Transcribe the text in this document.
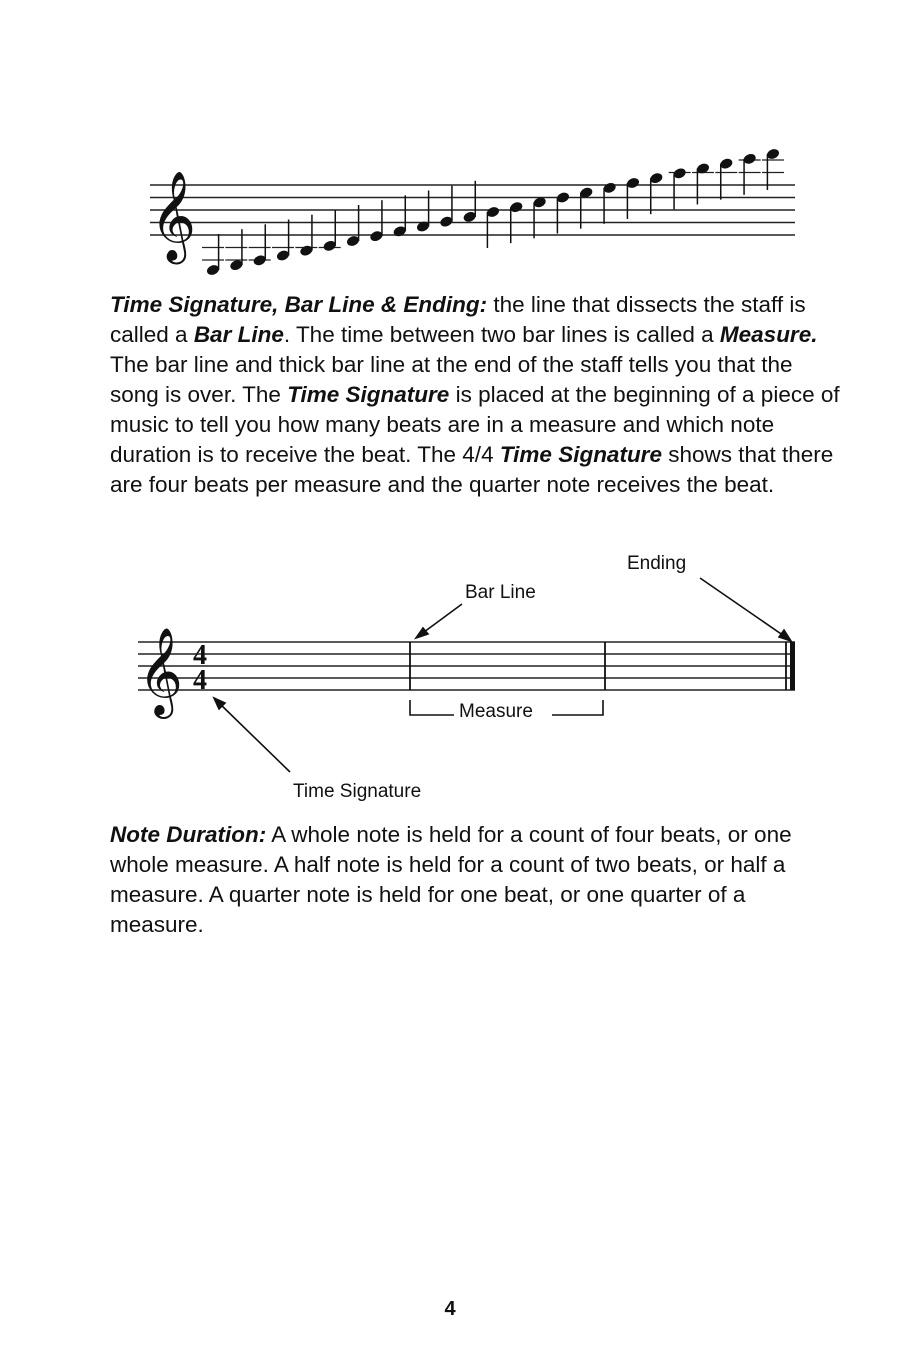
𝄞

Time Signature, Bar Line & Ending: the line that dissects the staff is called a Bar Line. The time between two bar lines is called a Measure. The bar line and thick bar line at the end of the staff tells you that the song is over. The Time Signature is placed at the beginning of a piece of music to tell you how many beats are in a measure and which note duration is to receive the beat. The 4/4 Time Signature shows that there are four beats per measure and the quarter note receives the beat.

𝄞 4
4
Ending
Bar Line
Measure
Time Signature

Note Duration: A whole note is held for a count of four beats, or one whole measure. A half note is held for a count of two beats, or half a measure. A quarter note is held for one beat, or one quarter of a measure.

4
